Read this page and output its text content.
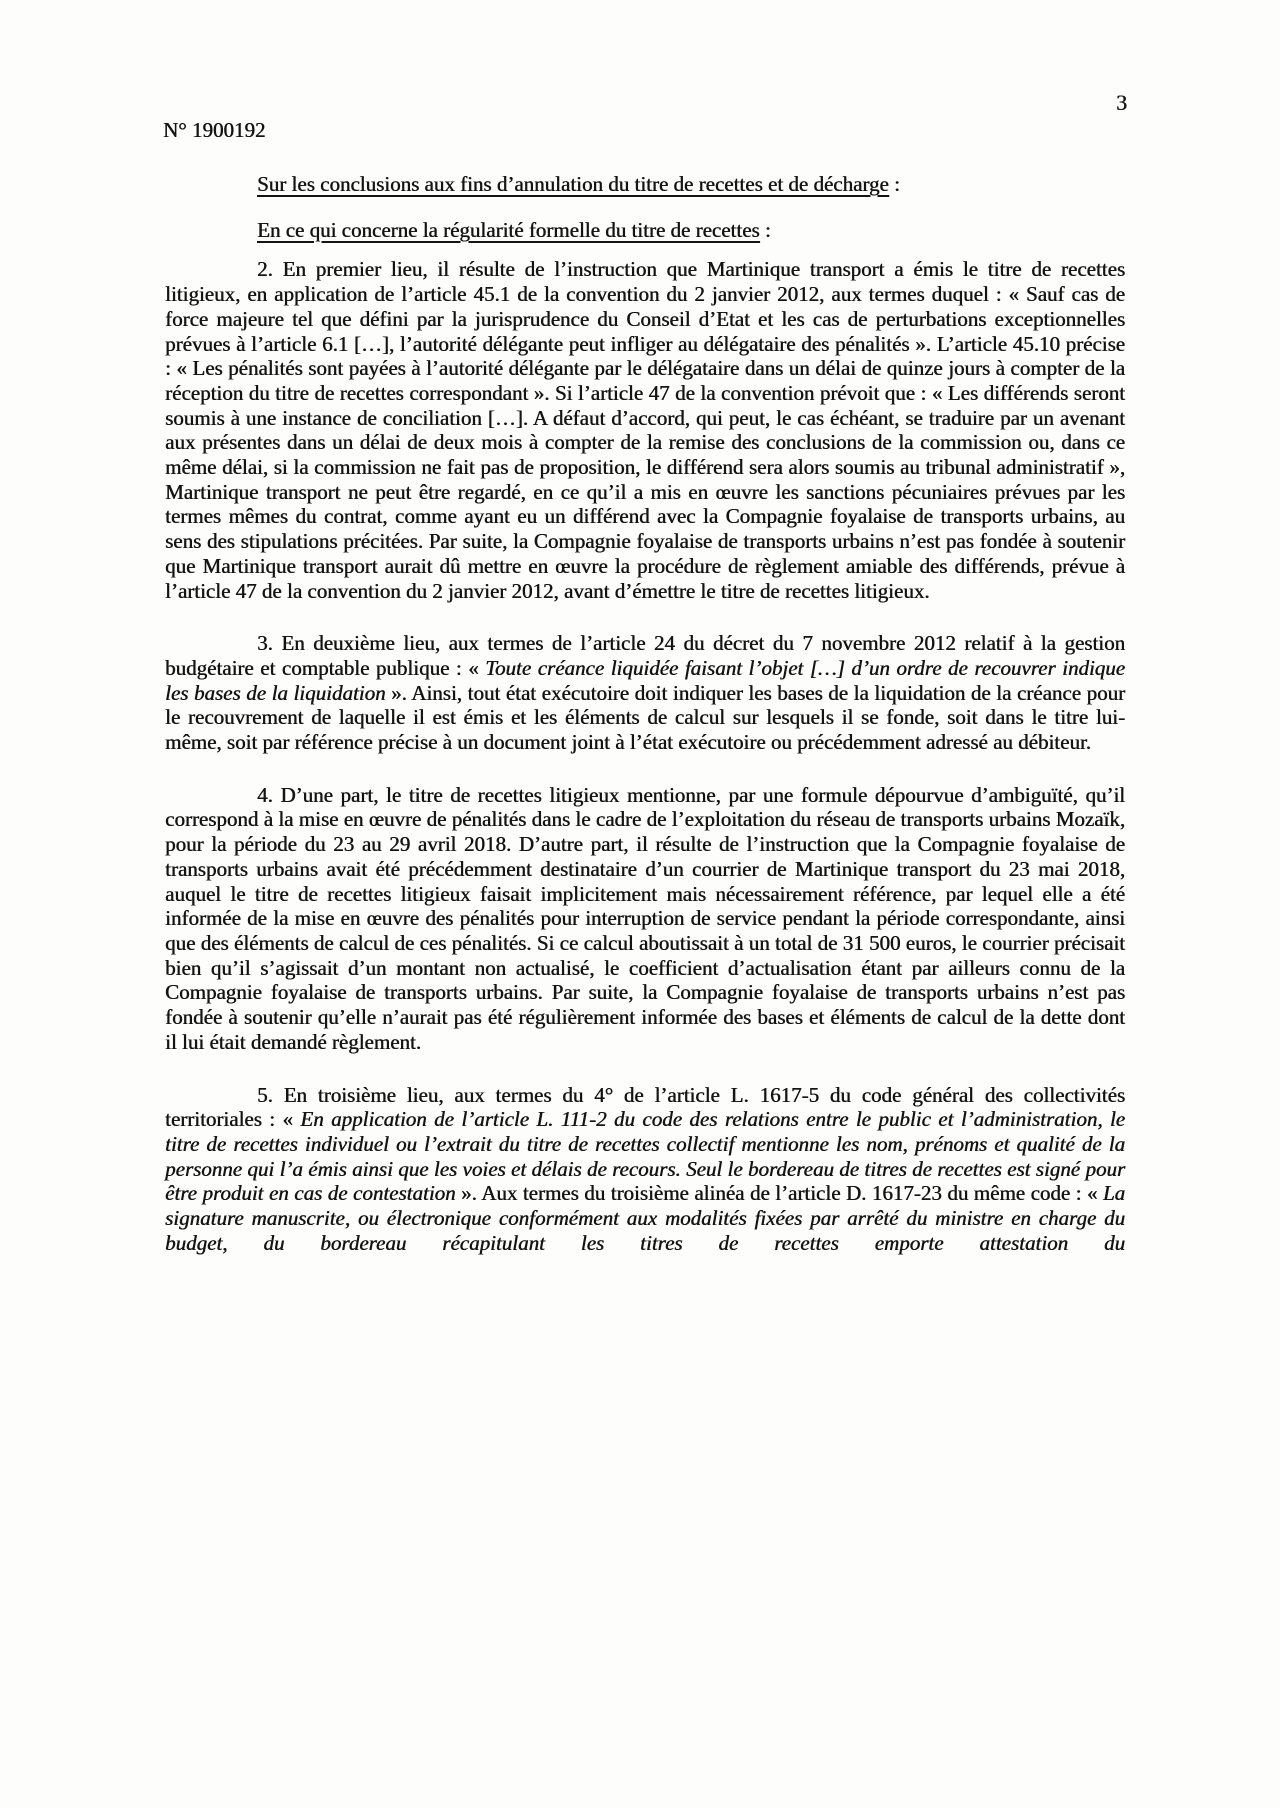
N° 1900192
3

Sur les conclusions aux fins d’annulation du titre de recettes et de décharge :

En ce qui concerne la régularité formelle du titre de recettes :

2. En premier lieu, il résulte de l’instruction que Martinique transport a émis le titre de recettes litigieux, en application de l’article 45.1 de la convention du 2 janvier 2012, aux termes duquel : « Sauf cas de force majeure tel que défini par la jurisprudence du Conseil d’Etat et les cas de perturbations exceptionnelles prévues à l’article 6.1 […], l’autorité délégante peut infliger au délégataire des pénalités ». L’article 45.10 précise : « Les pénalités sont payées à l’autorité délégante par le délégataire dans un délai de quinze jours à compter de la réception du titre de recettes correspondant ». Si l’article 47 de la convention prévoit que : « Les différends seront soumis à une instance de conciliation […]. A défaut d’accord, qui peut, le cas échéant, se traduire par un avenant aux présentes dans un délai de deux mois à compter de la remise des conclusions de la commission ou, dans ce même délai, si la commission ne fait pas de proposition, le différend sera alors soumis au tribunal administratif », Martinique transport ne peut être regardé, en ce qu’il a mis en œuvre les sanctions pécuniaires prévues par les termes mêmes du contrat, comme ayant eu un différend avec la Compagnie foyalaise de transports urbains, au sens des stipulations précitées. Par suite, la Compagnie foyalaise de transports urbains n’est pas fondée à soutenir que Martinique transport aurait dû mettre en œuvre la procédure de règlement amiable des différends, prévue à l’article 47 de la convention du 2 janvier 2012, avant d’émettre le titre de recettes litigieux.

3. En deuxième lieu, aux termes de l’article 24 du décret du 7 novembre 2012 relatif à la gestion budgétaire et comptable publique : « Toute créance liquidée faisant l’objet […] d’un ordre de recouvrer indique les bases de la liquidation ». Ainsi, tout état exécutoire doit indiquer les bases de la liquidation de la créance pour le recouvrement de laquelle il est émis et les éléments de calcul sur lesquels il se fonde, soit dans le titre lui-même, soit par référence précise à un document joint à l’état exécutoire ou précédemment adressé au débiteur.

4. D’une part, le titre de recettes litigieux mentionne, par une formule dépourvue d’ambiguïté, qu’il correspond à la mise en œuvre de pénalités dans le cadre de l’exploitation du réseau de transports urbains Mozaïk, pour la période du 23 au 29 avril 2018. D’autre part, il résulte de l’instruction que la Compagnie foyalaise de transports urbains avait été précédemment destinataire d’un courrier de Martinique transport du 23 mai 2018, auquel le titre de recettes litigieux faisait implicitement mais nécessairement référence, par lequel elle a été informée de la mise en œuvre des pénalités pour interruption de service pendant la période correspondante, ainsi que des éléments de calcul de ces pénalités. Si ce calcul aboutissait à un total de 31 500 euros, le courrier précisait bien qu’il s’agissait d’un montant non actualisé, le coefficient d’actualisation étant par ailleurs connu de la Compagnie foyalaise de transports urbains. Par suite, la Compagnie foyalaise de transports urbains n’est pas fondée à soutenir qu’elle n’aurait pas été régulièrement informée des bases et éléments de calcul de la dette dont il lui était demandé règlement.

5. En troisième lieu, aux termes du 4° de l’article L. 1617-5 du code général des collectivités territoriales : « En application de l’article L. 111-2 du code des relations entre le public et l’administration, le titre de recettes individuel ou l’extrait du titre de recettes collectif mentionne les nom, prénoms et qualité de la personne qui l’a émis ainsi que les voies et délais de recours. Seul le bordereau de titres de recettes est signé pour être produit en cas de contestation ». Aux termes du troisième alinéa de l’article D. 1617-23 du même code : « La signature manuscrite, ou électronique conformément aux modalités fixées par arrêté du ministre en charge du budget, du bordereau récapitulant les titres de recettes emporte attestation du
